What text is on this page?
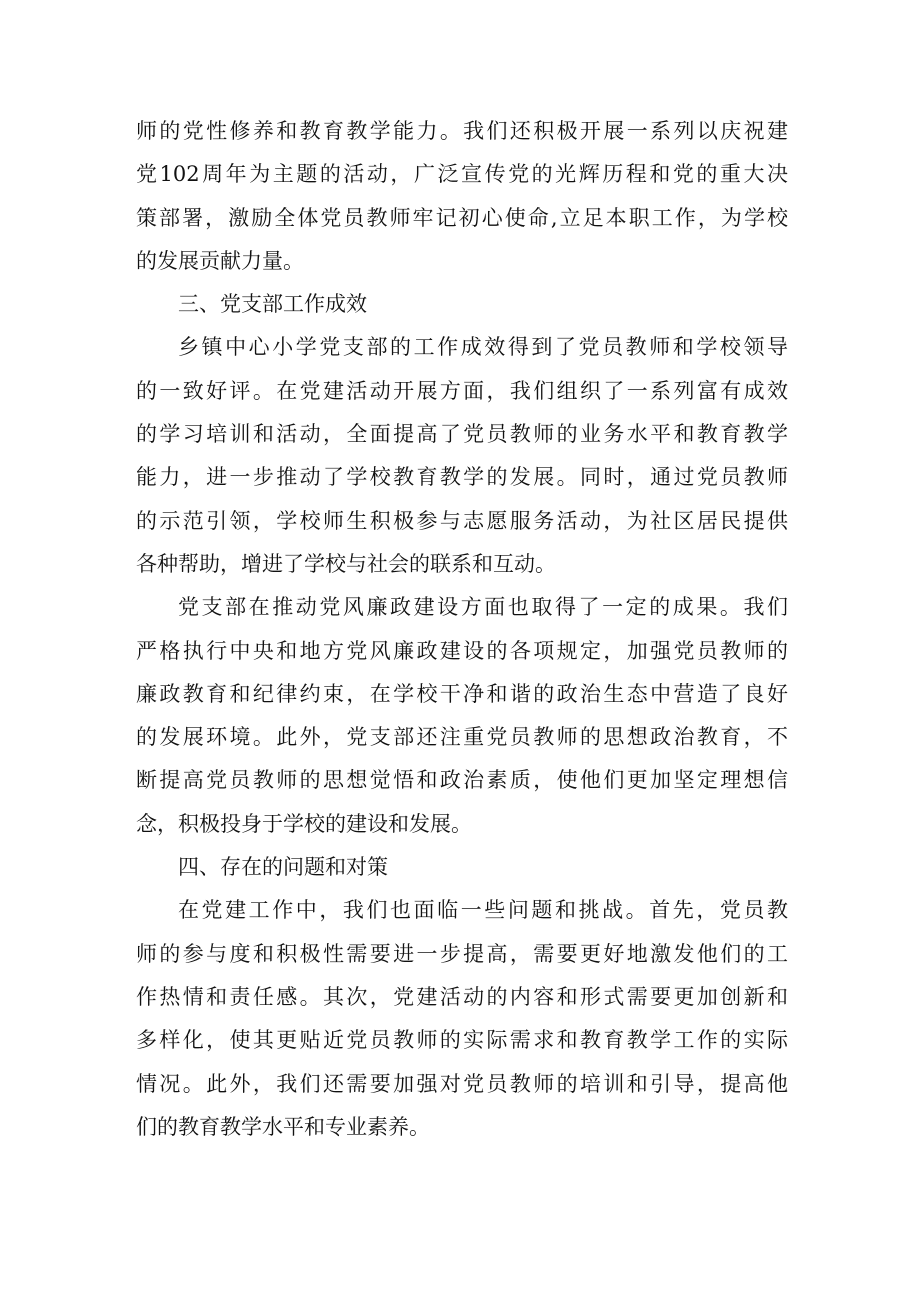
师的党性修养和教育教学能力。我们还积极开展一系列以庆祝建
党102周年为主题的活动，广泛宣传党的光辉历程和党的重大决
策部署，激励全体党员教师牢记初心使命,立足本职工作，为学校
的发展贡献力量。
三、党支部工作成效
乡镇中心小学党支部的工作成效得到了党员教师和学校领导
的一致好评。在党建活动开展方面，我们组织了一系列富有成效
的学习培训和活动，全面提高了党员教师的业务水平和教育教学
能力，进一步推动了学校教育教学的发展。同时，通过党员教师
的示范引领，学校师生积极参与志愿服务活动，为社区居民提供
各种帮助，增进了学校与社会的联系和互动。
党支部在推动党风廉政建设方面也取得了一定的成果。我们
严格执行中央和地方党风廉政建设的各项规定，加强党员教师的
廉政教育和纪律约束，在学校干净和谐的政治生态中营造了良好
的发展环境。此外，党支部还注重党员教师的思想政治教育，不
断提高党员教师的思想觉悟和政治素质，使他们更加坚定理想信
念，积极投身于学校的建设和发展。
四、存在的问题和对策
在党建工作中，我们也面临一些问题和挑战。首先，党员教
师的参与度和积极性需要进一步提高，需要更好地激发他们的工
作热情和责任感。其次，党建活动的内容和形式需要更加创新和
多样化，使其更贴近党员教师的实际需求和教育教学工作的实际
情况。此外，我们还需要加强对党员教师的培训和引导，提高他
们的教育教学水平和专业素养。
